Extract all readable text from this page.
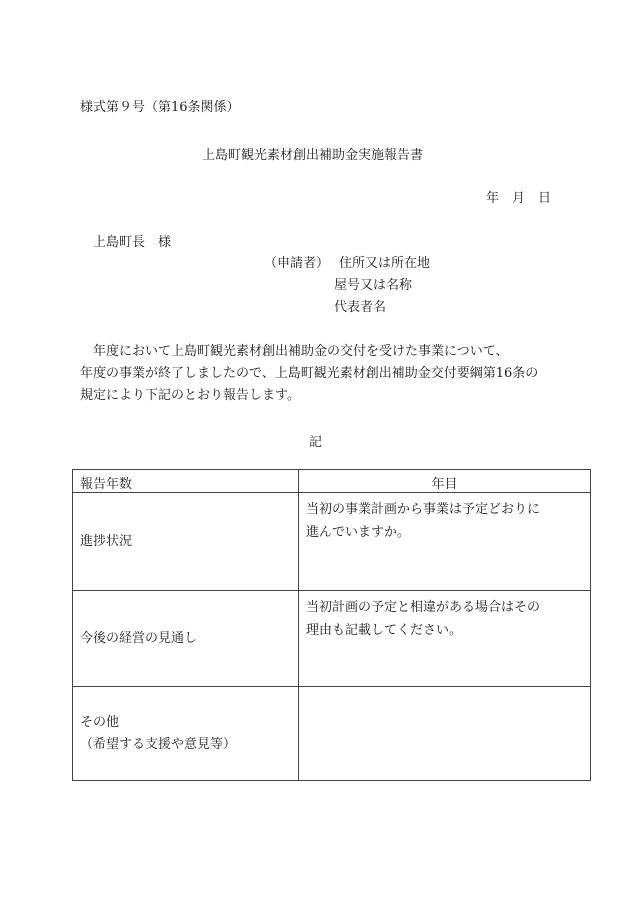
様式第９号（第16条関係）
上島町観光素材創出補助金実施報告書
年　月　日
上島町長　様
（申請者） 住所又は所在地
屋号又は名称
代表者名
年度において上島町観光素材創出補助金の交付を受けた事業について、
年度の事業が終了しましたので、上島町観光素材創出補助金交付要綱第16条の
規定により下記のとおり報告します。
記
報告年数	年目

進捗状況	当初の事業計画から事業は予定どおりに
進んでいますか。

今後の経営の見通し	当初計画の予定と相違がある場合はその
理由も記載してください。

その他
（希望する支援や意見等）	
